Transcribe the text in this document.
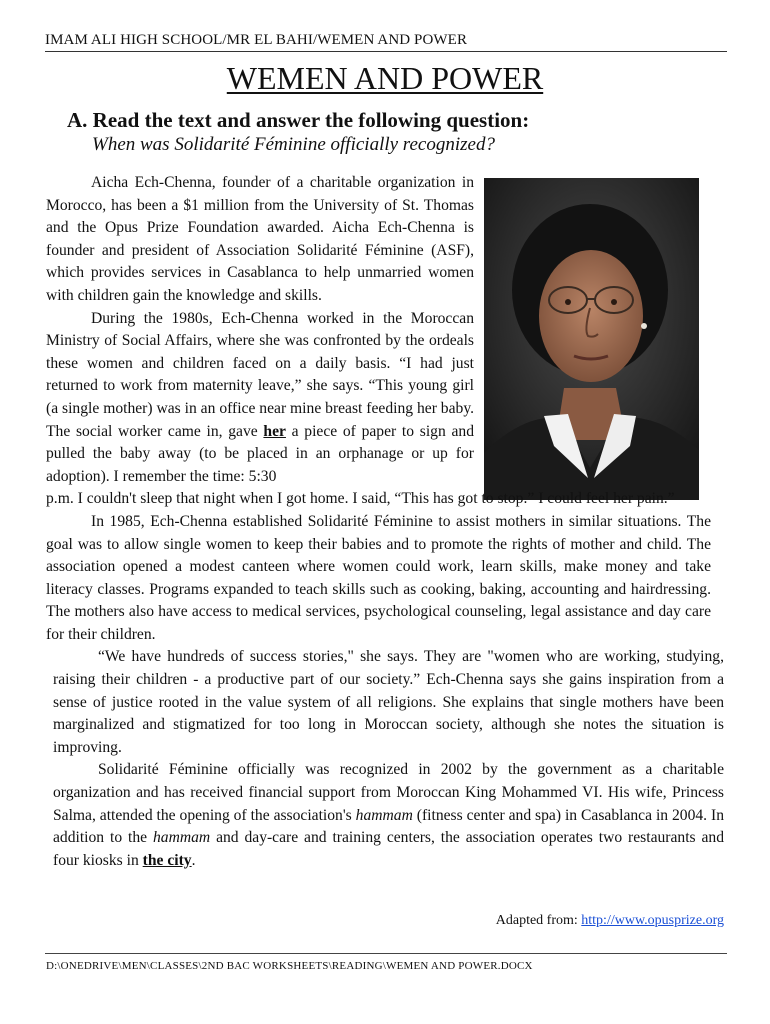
IMAM ALI HIGH SCHOOL/MR EL BAHI/WEMEN AND POWER
WEMEN AND POWER
A. Read the text and answer the following question:
When was Solidarité Féminine officially recognized?

Aicha Ech-Chenna, founder of a charitable organization in Morocco, has been a $1 million from the University of St. Thomas and the Opus Prize Foundation awarded. Aicha Ech-Chenna is founder and president of Association Solidarité Féminine (ASF), which provides services in Casablanca to help unmarried women with children gain the knowledge and skills.

During the 1980s, Ech-Chenna worked in the Moroccan Ministry of Social Affairs, where she was confronted by the ordeals these women and children faced on a daily basis. “I had just returned to work from maternity leave,” she says. “This young girl (a single mother) was in an office near mine breast feeding her baby. The social worker came in, gave her a piece of paper to sign and pulled the baby away (to be placed in an orphanage or up for adoption). I remember the time: 5:30

p.m. I couldn't sleep that night when I got home. I said, “This has got to stop.” I could feel her pain.”

In 1985, Ech-Chenna established Solidarité Féminine to assist mothers in similar situations. The goal was to allow single women to keep their babies and to promote the rights of mother and child. The association opened a modest canteen where women could work, learn skills, make money and take literacy classes. Programs expanded to teach skills such as cooking, baking, accounting and hairdressing. The mothers also have access to medical services, psychological counseling, legal assistance and day care for their children.

“We have hundreds of success stories," she says. They are "women who are working, studying, raising their children - a productive part of our society.” Ech-Chenna says she gains inspiration from a sense of justice rooted in the value system of all religions. She explains that single mothers have been marginalized and stigmatized for too long in Moroccan society, although she notes the situation is improving.

Solidarité Féminine officially was recognized in 2002 by the government as a charitable organization and has received financial support from Moroccan King Mohammed VI. His wife, Princess Salma, attended the opening of the association's hammam (fitness center and spa) in Casablanca in 2004. In addition to the hammam and day-care and training centers, the association operates two restaurants and four kiosks in the city.

Adapted from: http://www.opusprize.org
D:\ONEDRIVE\MEN\CLASSES\2ND BAC WORKSHEETS\READING\WEMEN AND POWER.DOCX
